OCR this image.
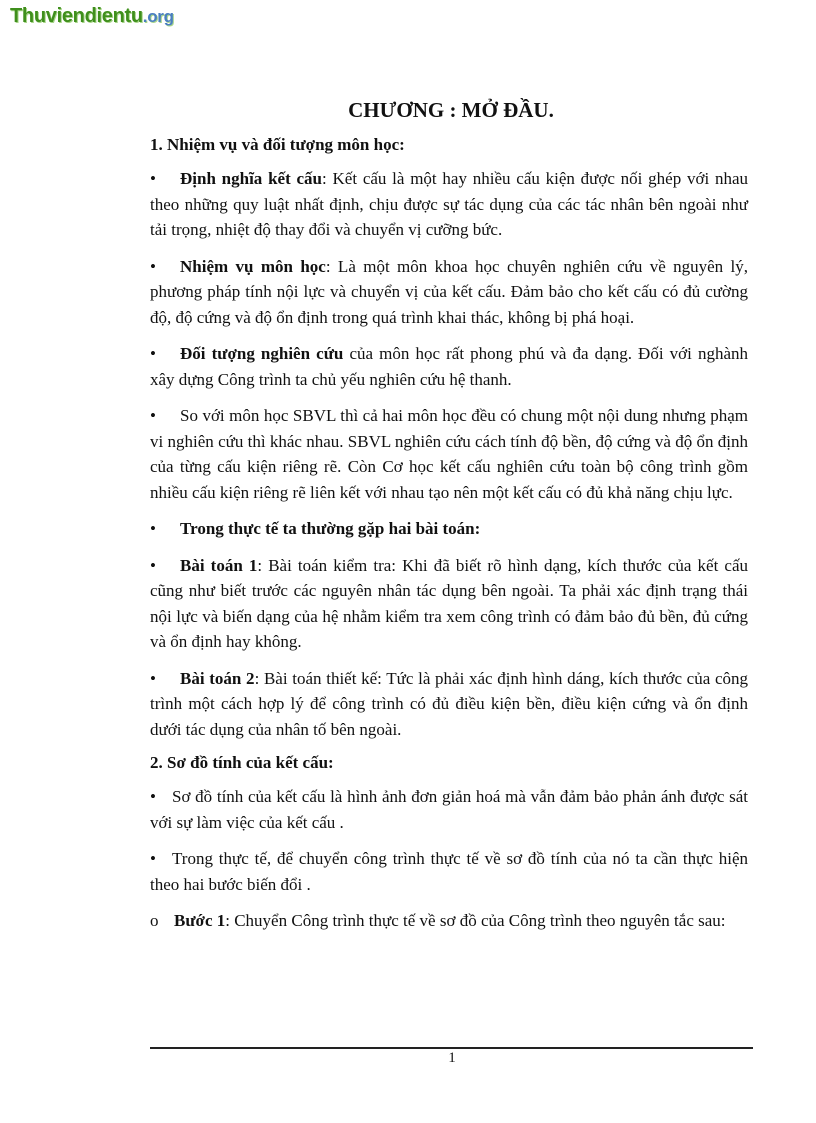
Thuviendientu.org
CHƯƠNG : MỞ ĐẦU.
1. Nhiệm vụ và đối tượng môn học:
• Định nghĩa kết cấu: Kết cấu là một hay nhiều cấu kiện được nối ghép với nhau theo những quy luật nhất định, chịu được sự tác dụng của các tác nhân bên ngoài như tải trọng, nhiệt độ thay đổi và chuyển vị cưỡng bức.
• Nhiệm vụ môn học: Là một môn khoa học chuyên nghiên cứu về nguyên lý, phương pháp tính nội lực và chuyển vị của kết cấu. Đảm bảo cho kết cấu có đủ cường độ, độ cứng và độ ổn định trong quá trình khai thác, không bị phá hoại.
• Đối tượng nghiên cứu của môn học rất phong phú và đa dạng. Đối với nghành xây dựng Công trình ta chủ yếu nghiên cứu hệ thanh.
• So với môn học SBVL thì cả hai môn học đều có chung một nội dung nhưng phạm vi nghiên cứu thì khác nhau. SBVL nghiên cứu cách tính độ bền, độ cứng và độ ổn định của từng cấu kiện riêng rẽ. Còn Cơ học kết cấu nghiên cứu toàn bộ công trình gồm nhiều cấu kiện riêng rẽ liên kết với nhau tạo nên một kết cấu có đủ khả năng chịu lực.
• Trong thực tế ta thường gặp hai bài toán:
• Bài toán 1: Bài toán kiểm tra: Khi đã biết rõ hình dạng, kích thước của kết cấu cũng như biết trước các nguyên nhân tác dụng bên ngoài. Ta phải xác định trạng thái nội lực và biến dạng của hệ nhằm kiểm tra xem công trình có đảm bảo đủ bền, đủ cứng và ổn định hay không.
• Bài toán 2: Bài toán thiết kế: Tức là phải xác định hình dáng, kích thước của công trình một cách hợp lý để công trình có đủ điều kiện bền, điều kiện cứng và ổn định dưới tác dụng của nhân tố bên ngoài.
2. Sơ đồ tính của kết cấu:
• Sơ đồ tính của kết cấu là hình ảnh đơn giản hoá mà vẫn đảm bảo phản ánh được sát với sự làm việc của kết cấu .
• Trong thực tế, để chuyển công trình thực tế về sơ đồ tính của nó ta cần thực hiện theo hai bước biến đổi .
o Bước 1: Chuyển Công trình thực tế về sơ đồ của Công trình theo nguyên tắc sau:
1
